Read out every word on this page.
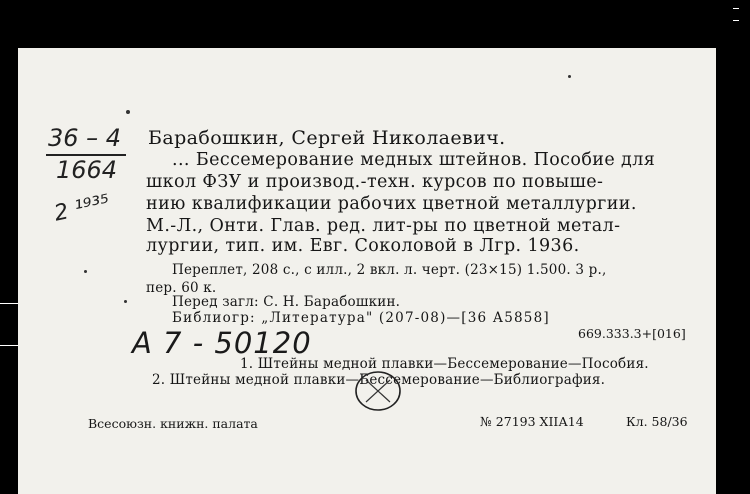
36 – 4
1664
2 ¹⁹³⁵
Барабошкин, Сергей Николаевич.
... Бессемерование медных штейнов. Пособие для
школ ФЗУ и производ.-техн. курсов по повыше-
нию квалификации рабочих цветной металлургии.
М.-Л., Онти. Глав. ред. лит-ры по цветной метал-
лургии, тип. им. Евг. Соколовой в Лгр. 1936.
Переплет, 208 с., с илл., 2 вкл. л. черт. (23×15) 1.500. 3 р.,
пер. 60 к.
Перед загл: С. Н. Барабошкин.
Библиогр: „Литература" (207-08)—[36 А5858]
669.333.3+[016]
A 7 - 50120
1. Штейны медной плавки—Бессемерование—Пособия.
2. Штейны медной плавки—Бессемерование—Библиография.
Всесоюзн. книжн. палата	№ 27193 ХIIА14	Кл. 58/36
